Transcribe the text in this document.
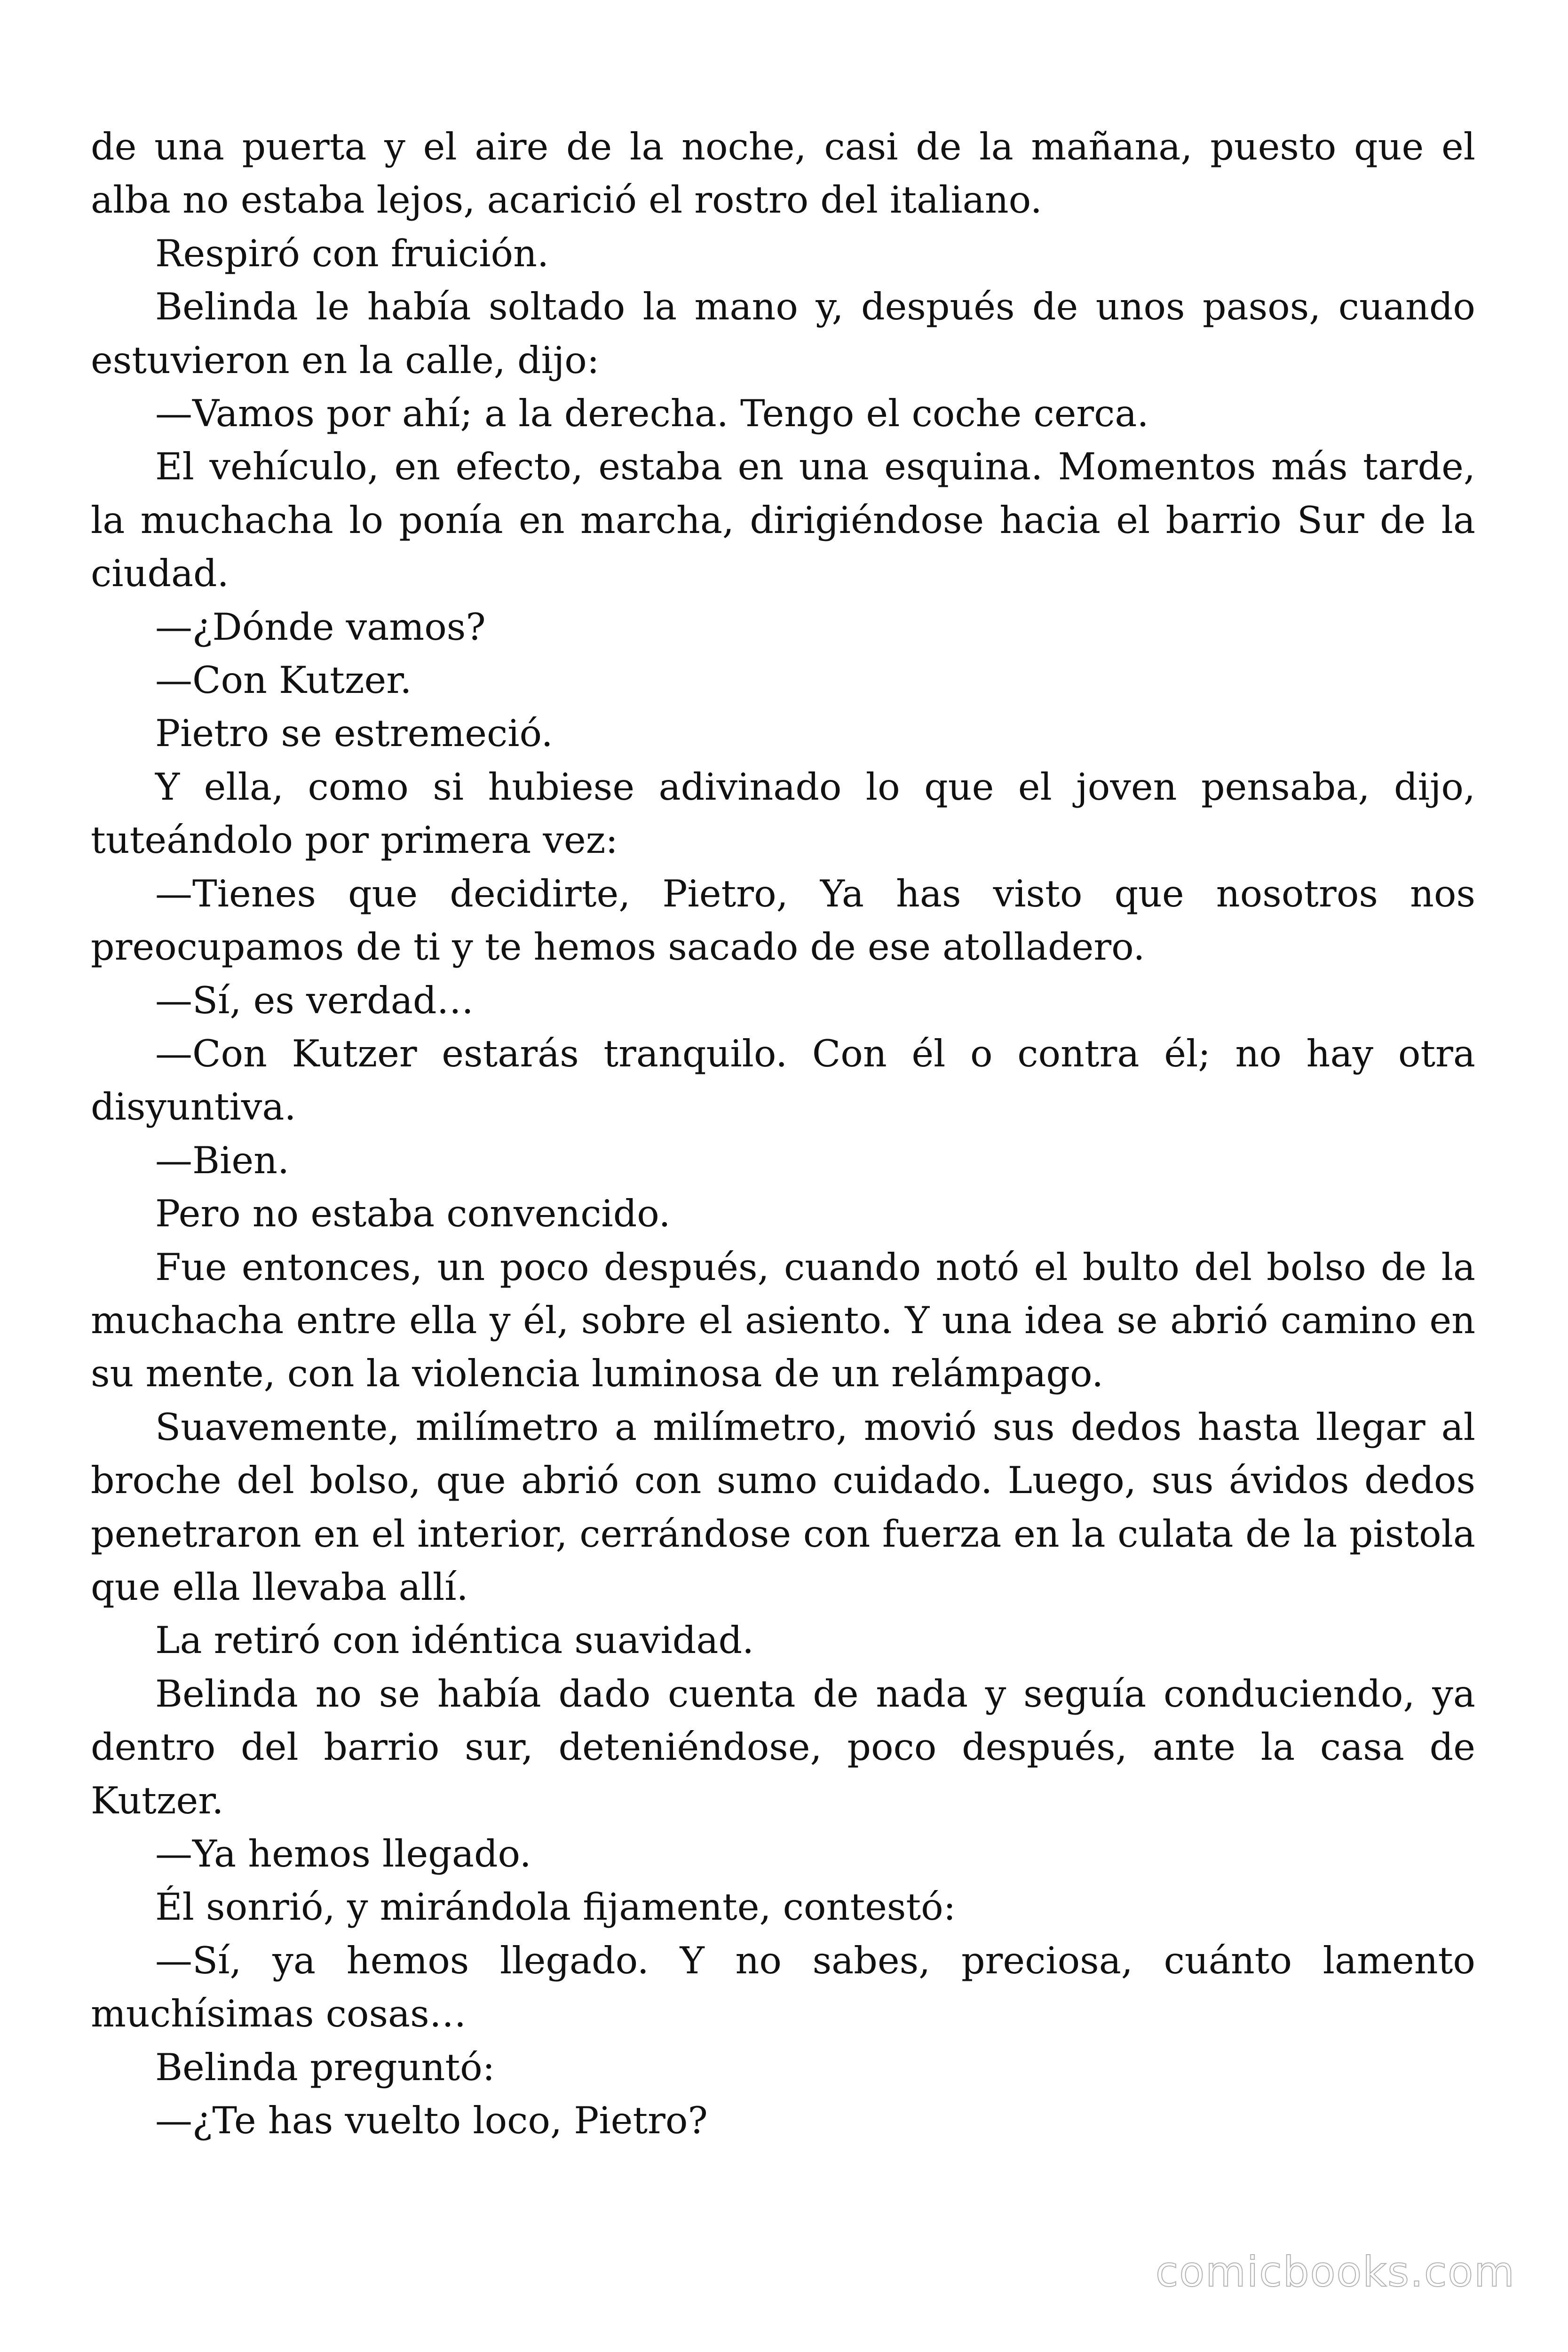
de una puerta y el aire de la noche, casi de la mañana, puesto que el alba no estaba lejos, acarició el rostro del italiano.

Respiró con fruición.

Belinda le había soltado la mano y, después de unos pasos, cuando estuvieron en la calle, dijo:

—Vamos por ahí; a la derecha. Tengo el coche cerca.

El vehículo, en efecto, estaba en una esquina. Momentos más tarde, la muchacha lo ponía en marcha, dirigiéndose hacia el barrio Sur de la ciudad.

—¿Dónde vamos?

—Con Kutzer.

Pietro se estremeció.

Y ella, como si hubiese adivinado lo que el joven pensaba, dijo, tuteándolo por primera vez:

—Tienes que decidirte, Pietro, Ya has visto que nosotros nos preocupamos de ti y te hemos sacado de ese atolladero.

—Sí, es verdad…

—Con Kutzer estarás tranquilo. Con él o contra él; no hay otra disyuntiva.

—Bien.

Pero no estaba convencido.

Fue entonces, un poco después, cuando notó el bulto del bolso de la muchacha entre ella y él, sobre el asiento. Y una idea se abrió camino en su mente, con la violencia luminosa de un relámpago.

Suavemente, milímetro a milímetro, movió sus dedos hasta llegar al broche del bolso, que abrió con sumo cuidado. Luego, sus ávidos dedos penetraron en el interior, cerrándose con fuerza en la culata de la pistola que ella llevaba allí.

La retiró con idéntica suavidad.

Belinda no se había dado cuenta de nada y seguía conduciendo, ya dentro del barrio sur, deteniéndose, poco después, ante la casa de Kutzer.

—Ya hemos llegado.

Él sonrió, y mirándola fijamente, contestó:

—Sí, ya hemos llegado. Y no sabes, preciosa, cuánto lamento muchísimas cosas…

Belinda preguntó:

—¿Te has vuelto loco, Pietro?

comicbooks.com
